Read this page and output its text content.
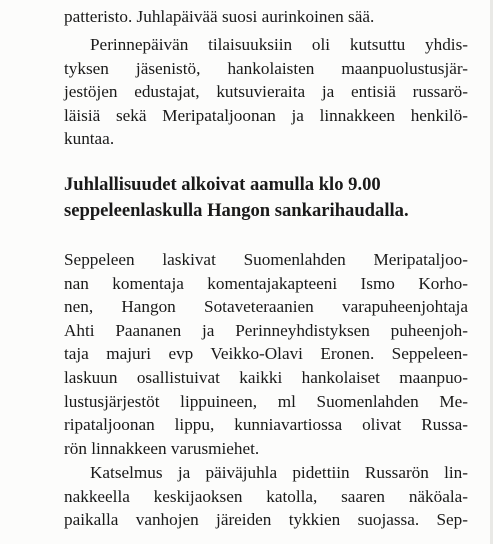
patteristo. Juhlapäivää suosi aurinkoinen sää.
Perinnepäivän tilaisuuksiin oli kutsuttu yhdis-
tyksen jäsenistö, hankolaisten maanpuolustusjär-
jestöjen edustajat, kutsuvieraita ja entisiä russarö-
läisiä sekä Meripataljoonan ja linnakkeen henkilö-
kuntaa.
Juhlallisuudet alkoivat aamulla klo 9.00
seppeleenlaskulla Hangon sankarihaudalla.
Seppeleen laskivat Suomenlahden Meripataljoo-
nan komentaja komentajakapteeni Ismo Korho-
nen, Hangon Sotaveteraanien varapuheenjohtaja
Ahti Paananen ja Perinneyhdistyksen puheenjoh-
taja majuri evp Veikko-Olavi Eronen. Seppeleen-
laskuun osallistuivat kaikki hankolaiset maanpuo-
lustusjärjestöt lippuineen, ml Suomenlahden Me-
ripataljoonan lippu, kunniavartiossa olivat Russa-
rön linnakkeen varusmiehet.
Katselmus ja päiväjuhla pidettiin Russarön lin-
nakkeella keskijaoksen katolla, saaren näköala-
paikalla vanhojen järeiden tykkien suojassa. Sep-
